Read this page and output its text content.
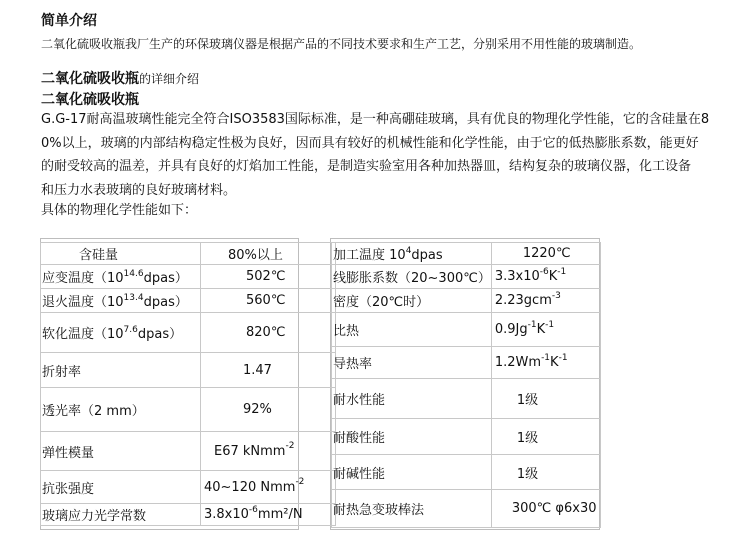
简单介绍
二氧化硫吸收瓶我厂生产的环保玻璃仪器是根据产品的不同技术要求和生产工艺，分别采用不用性能的玻璃制造。
二氧化硫吸收瓶的详细介绍
二氧化硫吸收瓶
G.G-17耐高温玻璃性能完全符合ISO3583国际标准，是一种高硼硅玻璃，具有优良的物理化学性能，它的含硅量在8
0%以上，玻璃的内部结构稳定性极为良好，因而具有较好的机械性能和化学性能，由于它的低热膨胀系数，能更好
的耐受较高的温差，并具有良好的灯焰加工性能，是制造实验室用各种加热器皿，结构复杂的玻璃仪器，化工设备
和压力水表玻璃的良好玻璃材料。
具体的物理化学性能如下：
含硅量	80%以上
应变温度$(10^{14.6}dpas)$	502℃
退火温度$(10^{13.4}dpas)$	560℃
软化温度$(10^{7.6}dpas)$	820℃
折射率	1.47
透光率（2 mm）	92%
弹性模量	E67 kNmm$^{-2}$
抗张强度	40~120 Nmm$^{-2}$
玻璃应力光学常数	$3.8x10^{-6}mm^2/N$
加工温度 $10^4dpas$	1220℃
线膨胀系数（20~300℃）	$3.3x10^{-6}K^{-1}$
密度（20℃时）	2.23gcm$^{-3}$
比热	$0.9Jg^{-1}K^{-1}$
导热率	$1.2Wm^{-1}K^{-1}$
耐水性能	1级
耐酸性能	1级
耐碱性能	1级
耐热急变玻棒法	300℃ φ6x30
